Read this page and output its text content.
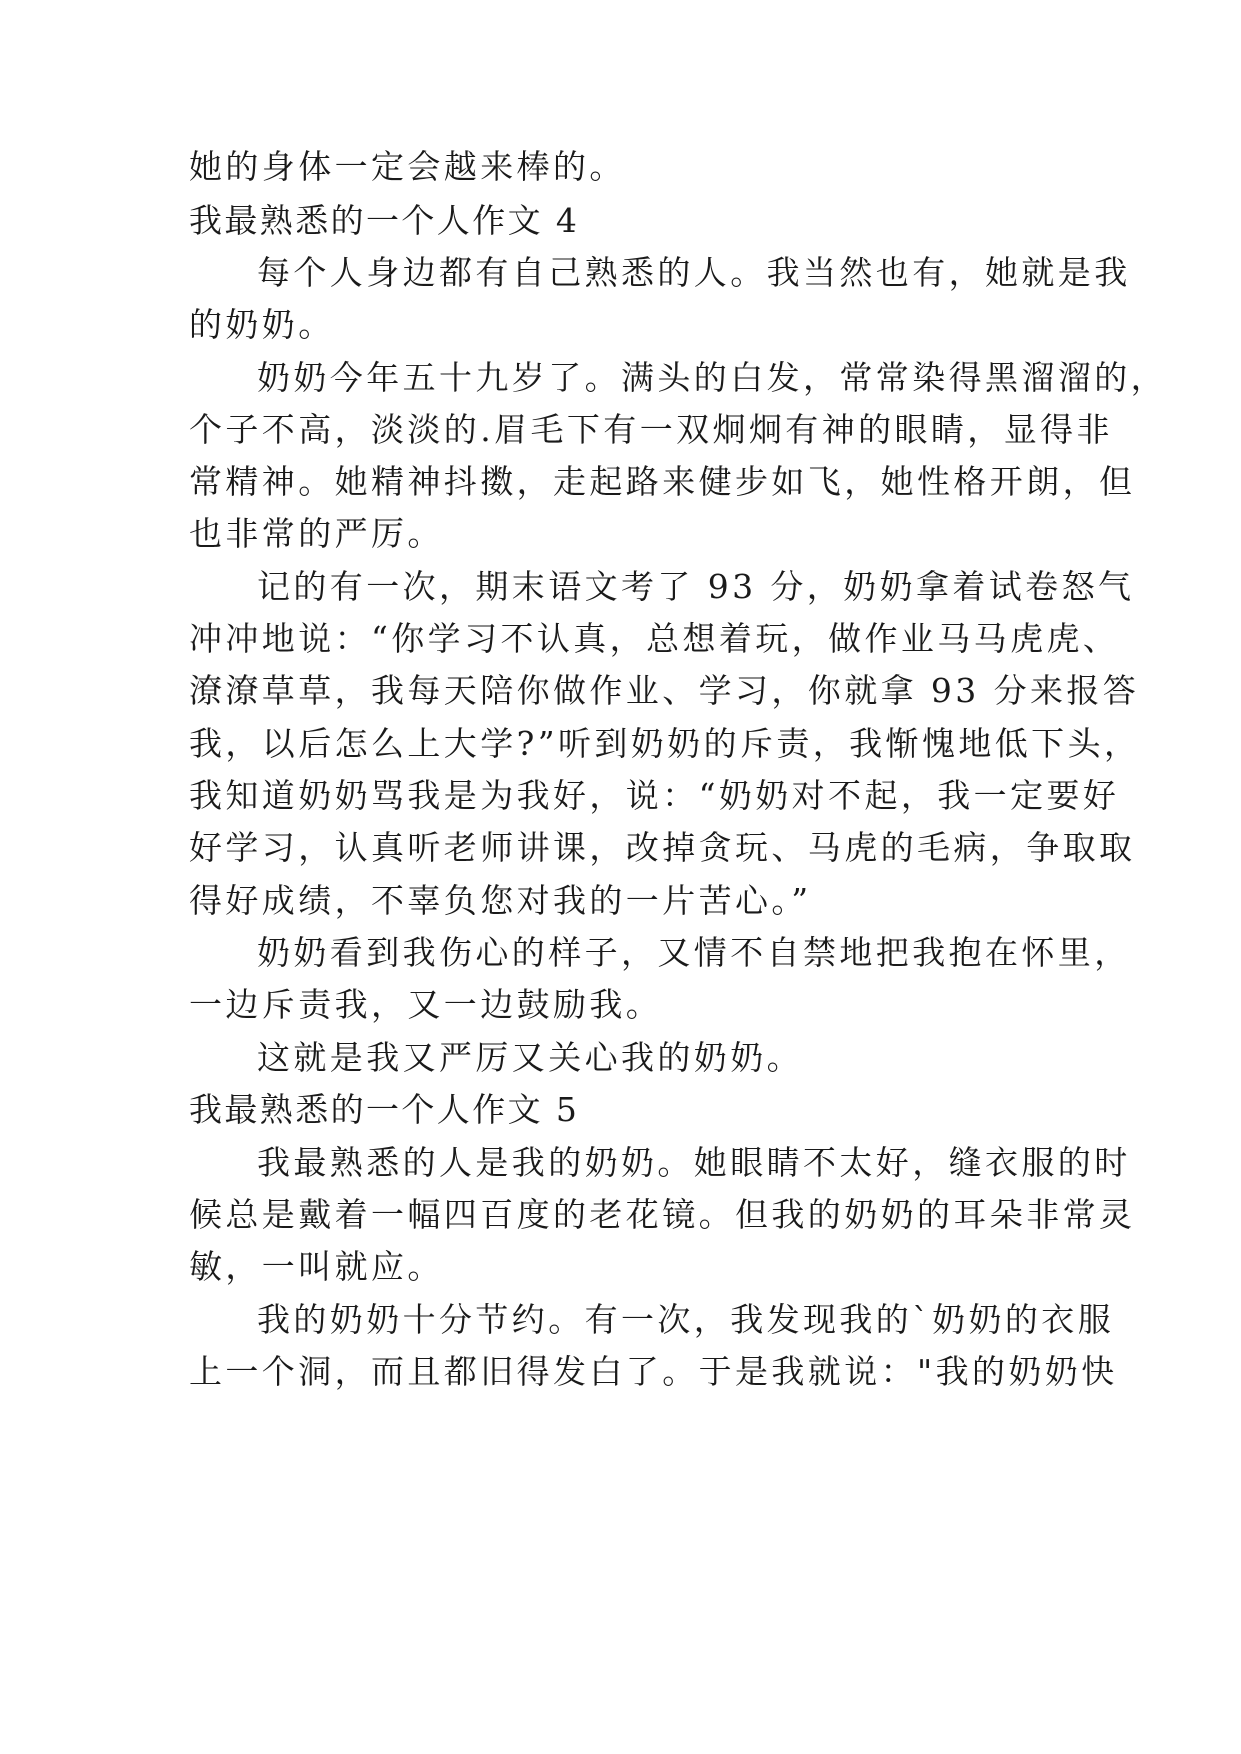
她的身体一定会越来棒的。
我最熟悉的一个人作文 4
每个人身边都有自己熟悉的人。我当然也有，她就是我
的奶奶。
奶奶今年五十九岁了。满头的白发，常常染得黑溜溜的，
个子不高，淡淡的.眉毛下有一双炯炯有神的眼睛，显得非
常精神。她精神抖擞，走起路来健步如飞，她性格开朗，但
也非常的严厉。
记的有一次，期末语文考了 93 分，奶奶拿着试卷怒气
冲冲地说：“你学习不认真，总想着玩，做作业马马虎虎、
潦潦草草，我每天陪你做作业、学习，你就拿 93 分来报答
我，以后怎么上大学?”听到奶奶的斥责，我惭愧地低下头，
我知道奶奶骂我是为我好，说：“奶奶对不起，我一定要好
好学习，认真听老师讲课，改掉贪玩、马虎的毛病，争取取
得好成绩，不辜负您对我的一片苦心。”
奶奶看到我伤心的样子，又情不自禁地把我抱在怀里，
一边斥责我，又一边鼓励我。
这就是我又严厉又关心我的奶奶。
我最熟悉的一个人作文 5
我最熟悉的人是我的奶奶。她眼睛不太好，缝衣服的时
候总是戴着一幅四百度的老花镜。但我的奶奶的耳朵非常灵
敏，一叫就应。
我的奶奶十分节约。有一次，我发现我的`奶奶的衣服
上一个洞，而且都旧得发白了。于是我就说："我的奶奶快
